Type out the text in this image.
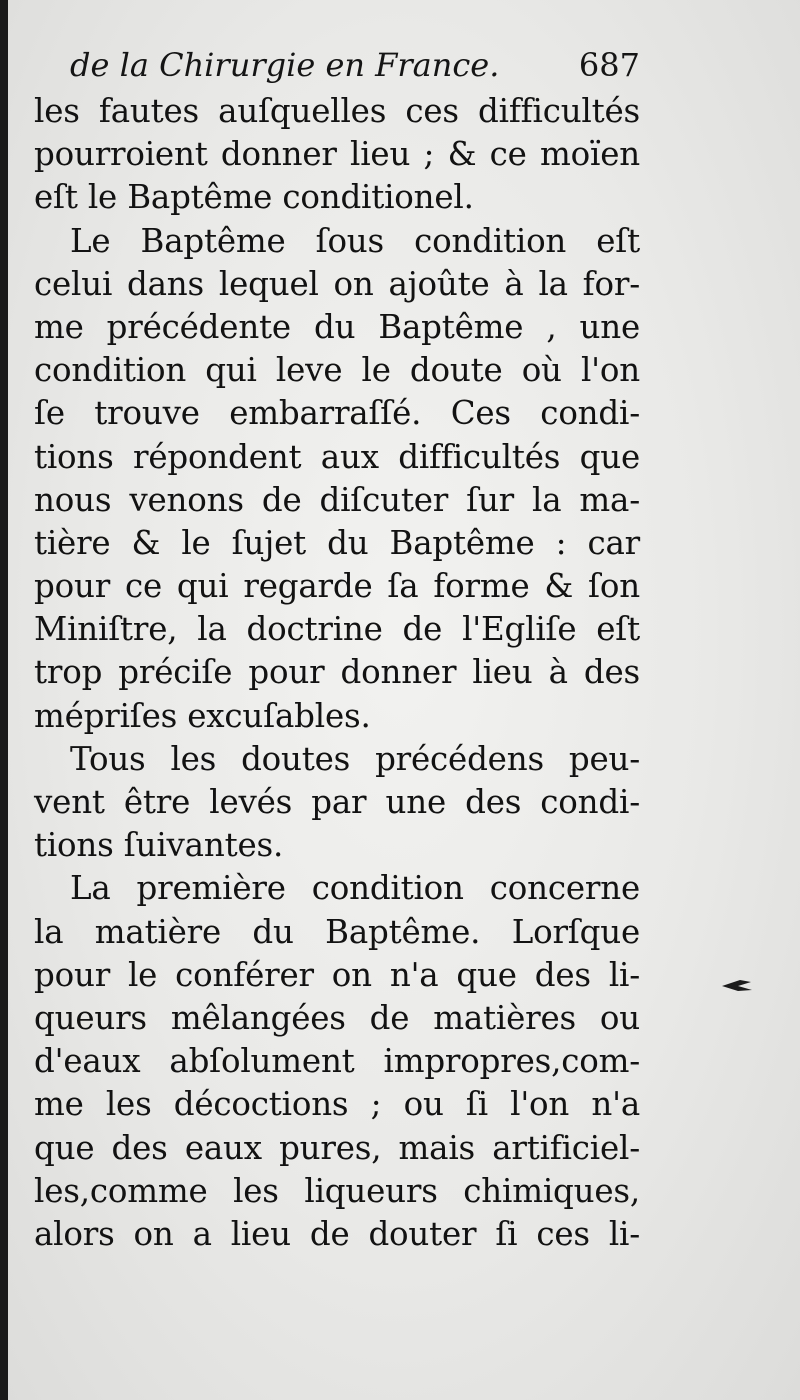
de la Chirurgie en France. 687
les fautes auſquelles ces difficultés
pourroient donner lieu ; & ce moïen
eſt le Baptême conditionel.
Le Baptême ſous condition eſt
celui dans lequel on ajoûte à la for-
me précédente du Baptême , une
condition qui leve le doute où l'on
ſe trouve embarraſſé. Ces condi-
tions répondent aux difficultés que
nous venons de diſcuter ſur la ma-
tière & le ſujet du Baptême : car
pour ce qui regarde ſa forme & ſon
Miniſtre, la doctrine de l'Egliſe eſt
trop préciſe pour donner lieu à des
mépriſes excuſables.
Tous les doutes précédens peu-
vent être levés par une des condi-
tions ſuivantes.
La première condition concerne
la matière du Baptême. Lorſque
pour le conférer on n'a que des li-
queurs mêlangées de matières ou
d'eaux abſolument impropres,com-
me les décoctions ; ou ſi l'on n'a
que des eaux pures, mais artificiel-
les,comme les liqueurs chimiques,
alors on a lieu de douter ſi ces li-
